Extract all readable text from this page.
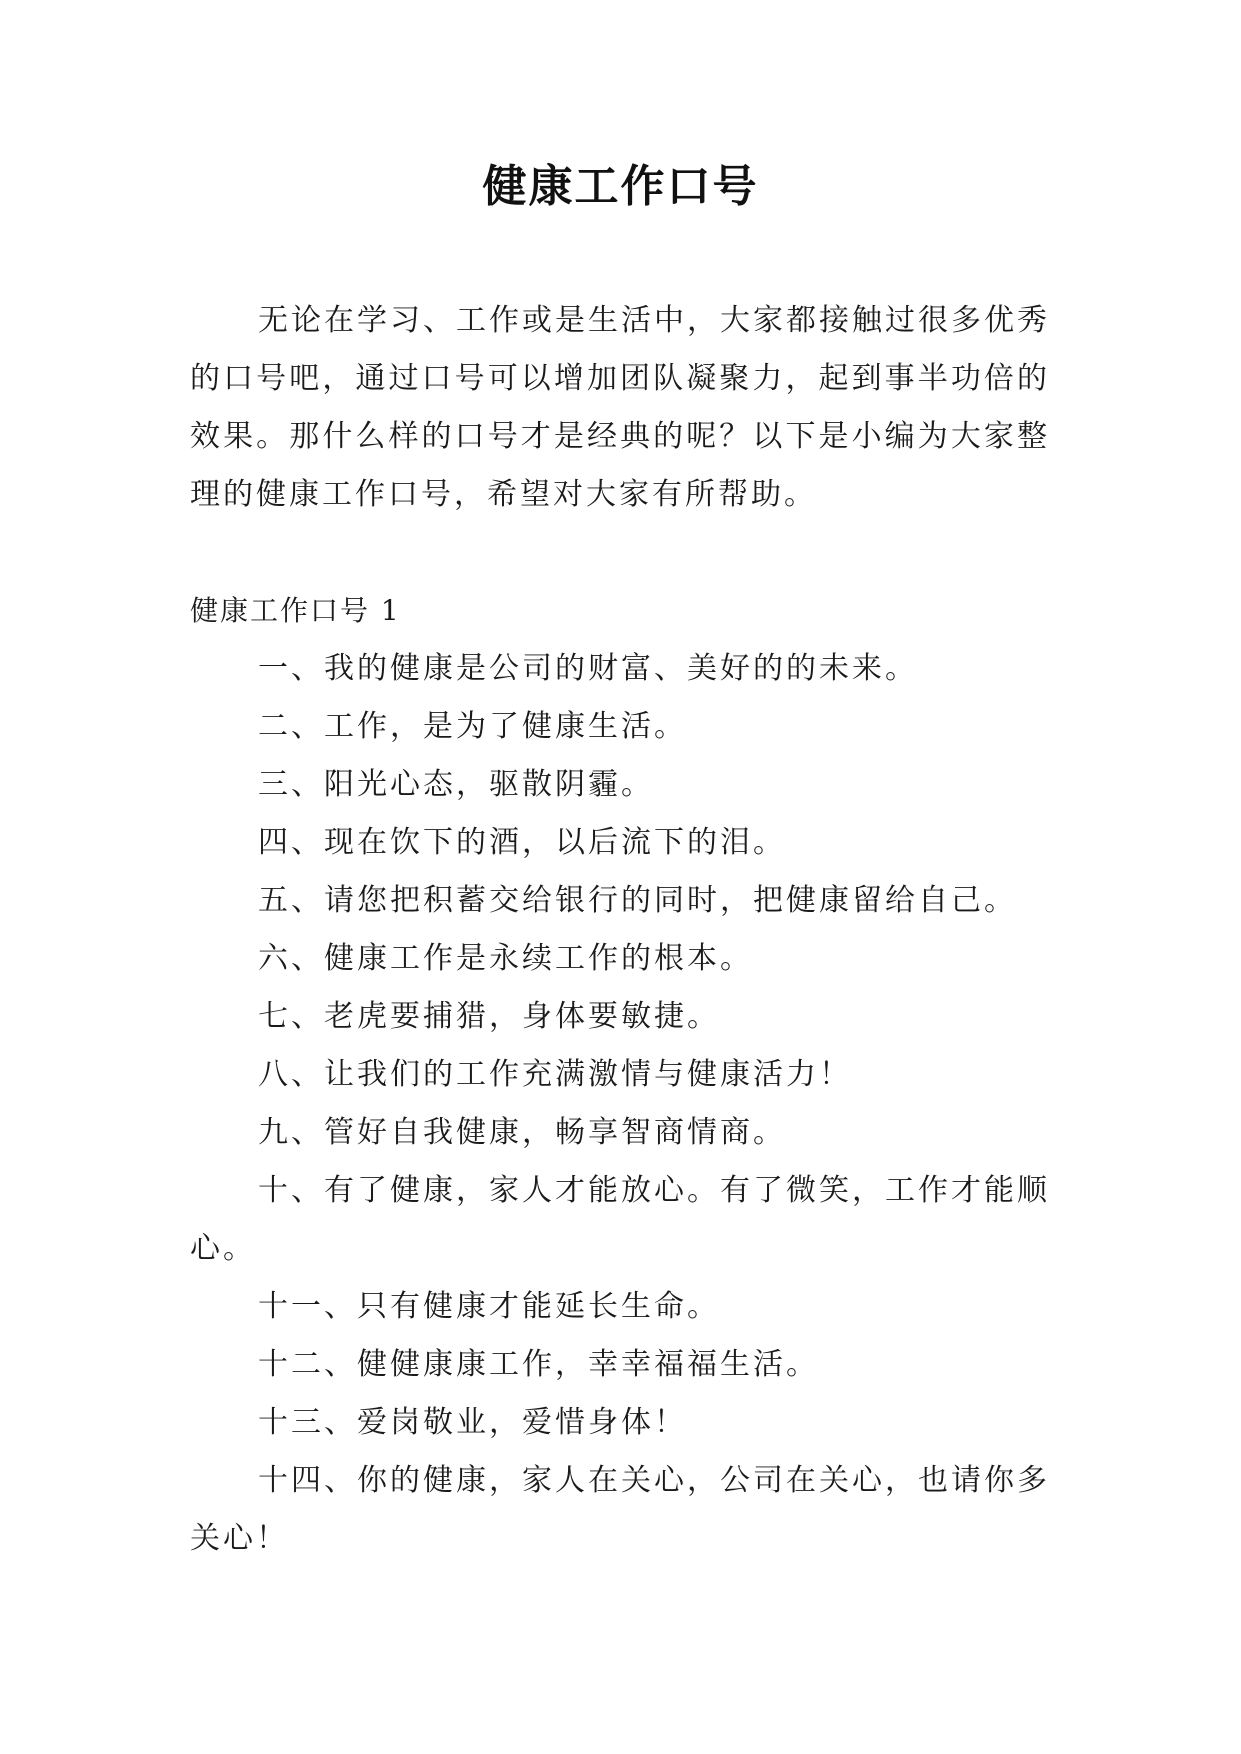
健康工作口号

无论在学习、工作或是生活中，大家都接触过很多优秀的口号吧，通过口号可以增加团队凝聚力，起到事半功倍的效果。那什么样的口号才是经典的呢？以下是小编为大家整理的健康工作口号，希望对大家有所帮助。

健康工作口号 1

一、我的健康是公司的财富、美好的的未来。

二、工作，是为了健康生活。

三、阳光心态，驱散阴霾。

四、现在饮下的酒，以后流下的泪。

五、请您把积蓄交给银行的同时，把健康留给自己。

六、健康工作是永续工作的根本。

七、老虎要捕猎，身体要敏捷。

八、让我们的工作充满激情与健康活力！

九、管好自我健康，畅享智商情商。

十、有了健康，家人才能放心。有了微笑，工作才能顺心。

十一、只有健康才能延长生命。

十二、健健康康工作，幸幸福福生活。

十三、爱岗敬业，爱惜身体！

十四、你的健康，家人在关心，公司在关心，也请你多关心！
